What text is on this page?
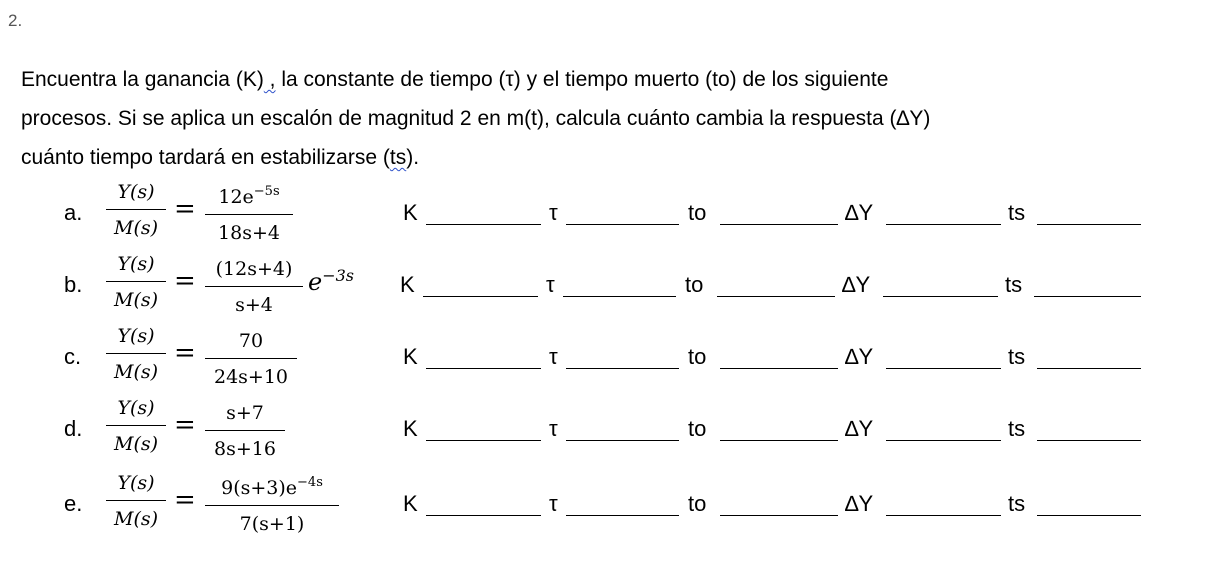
2.
Encuentra la ganancia (K) , la constante de tiempo (τ) y el tiempo muerto (to) de los siguiente
procesos. Si se aplica un escalón de magnitud 2 en m(t), calcula cuánto cambia la respuesta (∆Y)
cuánto tiempo tardará en estabilizarse (ts).
a.
Y(s)
M(s)
=	$12e^{-5s}$
18s+4
K	τ	to	∆Y	ts
b.
Y(s)
M(s)
=	(12s+4)
s+4
$e^{-3s}$ K	τ	to	∆Y	ts
c.
Y(s)
M(s)
=	70
24s+10
K	τ	to	∆Y	ts
d.
Y(s)
M(s)
=	s+7
8s+16
K	τ	to	∆Y	ts
e.
Y(s)
M(s)
=	$9(s+3)e^{-4s}$
7(s+1)
K	τ	to	∆Y	ts
